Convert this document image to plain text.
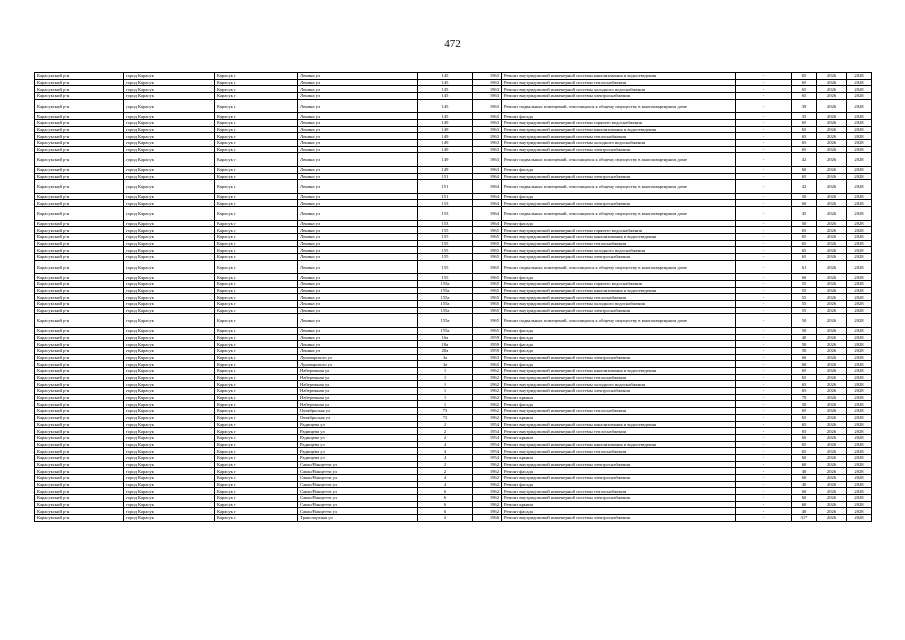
472
Карасукский р-н	город Карасук	Карасук г	Ленина ул	145	1963	Ремонт внутридомовой инженерной системы канализования и водоотведения	-	65	2026	2028
Карасукский р-н	город Карасук	Карасук г	Ленина ул	145	1963	Ремонт внутридомовой инженерной системы теплоснабжения	-	65	2026	2028
Карасукский р-н	город Карасук	Карасук г	Ленина ул	145	1963	Ремонт внутридомовой инженерной системы холодного водоснабжения	-	65	2026	2028
Карасукский р-н	город Карасук	Карасук г	Ленина ул	145	1963	Ремонт внутридомовой инженерной системы электроснабжения	-	65	2026	2028
Карасукский р-н	город Карасук	Карасук г	Ленина ул	145	1963	Ремонт подвальных помещений, относящихся к общему имуществу в многоквартирном доме	-	39	2026	2028
Карасукский р-н	город Карасук	Карасук г	Ленина ул	145	1963	Ремонт фасада	-	35	2026	2028
Карасукский р-н	город Карасук	Карасук г	Ленина ул	149	1963	Ремонт внутридомовой инженерной системы горячего водоснабжения	-	65	2026	2028
Карасукский р-н	город Карасук	Карасук г	Ленина ул	149	1963	Ремонт внутридомовой инженерной системы канализования и водоотведения	-	65	2026	2028
Карасукский р-н	город Карасук	Карасук г	Ленина ул	149	1963	Ремонт внутридомовой инженерной системы теплоснабжения	-	65	2026	2028
Карасукский р-н	город Карасук	Карасук г	Ленина ул	149	1963	Ремонт внутридомовой инженерной системы холодного водоснабжения	-	65	2026	2028
Карасукский р-н	город Карасук	Карасук г	Ленина ул	149	1963	Ремонт внутридомовой инженерной системы электроснабжения	-	65	2026	2028
Карасукский р-н	город Карасук	Карасук г	Ленина ул	149	1963	Ремонт подвальных помещений, относящихся к общему имуществу в многоквартирном доме	-	42	2026	2028
Карасукский р-н	город Карасук	Карасук г	Ленина ул	149	1963	Ремонт фасада	-	60	2026	2028
Карасукский р-н	город Карасук	Карасук г	Ленина ул	151	1964	Ремонт внутридомовой инженерной системы электроснабжения	-	65	2026	2028
Карасукский р-н	город Карасук	Карасук г	Ленина ул	151	1964	Ремонт подвальных помещений, относящихся к общему имуществу в многоквартирном доме	-	42	2026	2028
Карасукский р-н	город Карасук	Карасук г	Ленина ул	151	1964	Ремонт фасада	-	50	2026	2028
Карасукский р-н	город Карасук	Карасук г	Ленина ул	153	1964	Ремонт внутридомовой инженерной системы электроснабжения	-	60	2026	2028
Карасукский р-н	город Карасук	Карасук г	Ленина ул	153	1964	Ремонт подвальных помещений, относящихся к общему имуществу в многоквартирном доме	-	45	2026	2028
Карасукский р-н	город Карасук	Карасук г	Ленина ул	153	1964	Ремонт фасада	-	50	2026	2028
Карасукский р-н	город Карасук	Карасук г	Ленина ул	155	1965	Ремонт внутридомовой инженерной системы горячего водоснабжения	-	65	2026	2028
Карасукский р-н	город Карасук	Карасук г	Ленина ул	155	1965	Ремонт внутридомовой инженерной системы канализования и водоотведения	-	65	2026	2028
Карасукский р-н	город Карасук	Карасук г	Ленина ул	155	1965	Ремонт внутридомовой инженерной системы теплоснабжения	-	65	2026	2028
Карасукский р-н	город Карасук	Карасук г	Ленина ул	155	1965	Ремонт внутридомовой инженерной системы холодного водоснабжения	-	65	2026	2028
Карасукский р-н	город Карасук	Карасук г	Ленина ул	155	1965	Ремонт внутридомовой инженерной системы электроснабжения	-	65	2026	2028
Карасукский р-н	город Карасук	Карасук г	Ленина ул	155	1965	Ремонт подвальных помещений, относящихся к общему имуществу в многоквартирном доме	-	61	2026	2028
Карасукский р-н	город Карасук	Карасук г	Ленина ул	155	1965	Ремонт фасада	-	60	2026	2028
Карасукский р-н	город Карасук	Карасук г	Ленина ул	155а	1965	Ремонт внутридомовой инженерной системы горячего водоснабжения	-	55	2026	2028
Карасукский р-н	город Карасук	Карасук г	Ленина ул	155а	1965	Ремонт внутридомовой инженерной системы канализования и водоотведения	-	55	2026	2028
Карасукский р-н	город Карасук	Карасук г	Ленина ул	155а	1965	Ремонт внутридомовой инженерной системы теплоснабжения	-	55	2026	2028
Карасукский р-н	город Карасук	Карасук г	Ленина ул	155а	1965	Ремонт внутридомовой инженерной системы холодного водоснабжения	-	55	2026	2028
Карасукский р-н	город Карасук	Карасук г	Ленина ул	155а	1965	Ремонт внутридомовой инженерной системы электроснабжения	-	55	2026	2028
Карасукский р-н	город Карасук	Карасук г	Ленина ул	155а	1965	Ремонт подвальных помещений, относящихся к общему имуществу в многоквартирном доме	-	50	2026	2028
Карасукский р-н	город Карасук	Карасук г	Ленина ул	155а	1965	Ремонт фасада	-	50	2026	2028
Карасукский р-н	город Карасук	Карасук г	Ленина ул	16а	1959	Ремонт фасада	-	40	2026	2028
Карасукский р-н	город Карасук	Карасук г	Ленина ул	18а	1959	Ремонт фасада	-	50	2026	2028
Карасукский р-н	город Карасук	Карасук г	Ленина ул	20а	1959	Ремонт фасада	-	50	2026	2028
Карасукский р-н	город Карасук	Карасук г	Луначарского ул	3а	1963	Ремонт внутридомовой инженерной системы электроснабжения	-	60	2026	2028
Карасукский р-н	город Карасук	Карасук г	Луначарского ул	3а	1963	Ремонт фасада	-	60	2026	2028
Карасукский р-н	город Карасук	Карасук г	Набережная ул	1	1962	Ремонт внутридомовой инженерной системы канализования и водоотведения	-	65	2026	2028
Карасукский р-н	город Карасук	Карасук г	Набережная ул	1	1962	Ремонт внутридомовой инженерной системы теплоснабжения	-	65	2026	2028
Карасукский р-н	город Карасук	Карасук г	Набережная ул	1	1962	Ремонт внутридомовой инженерной системы холодного водоснабжения	-	65	2026	2028
Карасукский р-н	город Карасук	Карасук г	Набережная ул	1	1962	Ремонт внутридомовой инженерной системы электроснабжения	-	65	2026	2028
Карасукский р-н	город Карасук	Карасук г	Набережная ул	1	1962	Ремонт крыши	-	70	2026	2028
Карасукский р-н	город Карасук	Карасук г	Набережная ул	1	1962	Ремонт фасада	-	50	2026	2028
Карасукский р-н	город Карасук	Карасук г	Октябрьская ул	73	1962	Ремонт внутридомовой инженерной системы теплоснабжения	-	65	2026	2028
Карасукский р-н	город Карасук	Карасук г	Октябрьская ул	73	1962	Ремонт крыши	-	65	2026	2028
Карасукский р-н	город Карасук	Карасук г	Радищева ул	2	1954	Ремонт внутридомовой инженерной системы канализования и водоотведения	-	65	2026	2028
Карасукский р-н	город Карасук	Карасук г	Радищева ул	2	1954	Ремонт внутридомовой инженерной системы теплоснабжения	-	65	2026	2028
Карасукский р-н	город Карасук	Карасук г	Радищева ул	2	1954	Ремонт крыши	-	60	2026	2028
Карасукский р-н	город Карасук	Карасук г	Радищева ул	4	1954	Ремонт внутридомовой инженерной системы канализования и водоотведения	-	65	2026	2028
Карасукский р-н	город Карасук	Карасук г	Радищева ул	4	1954	Ремонт внутридомовой инженерной системы теплоснабжения	-	65	2026	2028
Карасукский р-н	город Карасук	Карасук г	Радищева ул	4	1954	Ремонт крыши	-	60	2026	2028
Карасукский р-н	город Карасук	Карасук г	Сакко/Ванцетти ул	2	1962	Ремонт внутридомовой инженерной системы электроснабжения	-	60	2026	2028
Карасукский р-н	город Карасук	Карасук г	Сакко/Ванцетти ул	2	1962	Ремонт фасада	-	40	2026	2028
Карасукский р-н	город Карасук	Карасук г	Сакко/Ванцетти ул	4	1962	Ремонт внутридомовой инженерной системы электроснабжения	-	60	2026	2028
Карасукский р-н	город Карасук	Карасук г	Сакко/Ванцетти ул	4	1962	Ремонт фасада	-	40	2026	2028
Карасукский р-н	город Карасук	Карасук г	Сакко/Ванцетти ул	6	1962	Ремонт внутридомовой инженерной системы теплоснабжения	-	60	2026	2028
Карасукский р-н	город Карасук	Карасук г	Сакко/Ванцетти ул	6	1962	Ремонт внутридомовой инженерной системы электроснабжения	-	60	2026	2028
Карасукский р-н	город Карасук	Карасук г	Сакко/Ванцетти ул	6	1962	Ремонт крыши	-	60	2026	2028
Карасукский р-н	город Карасук	Карасук г	Сакко/Ванцетти ул	6	1962	Ремонт фасада	-	40	2026	2028
Карасукский р-н	город Карасук	Карасук г	Транспортная ул	2	1966	Ремонт внутридомовой инженерной системы электроснабжения	-	31*	2026	2028
